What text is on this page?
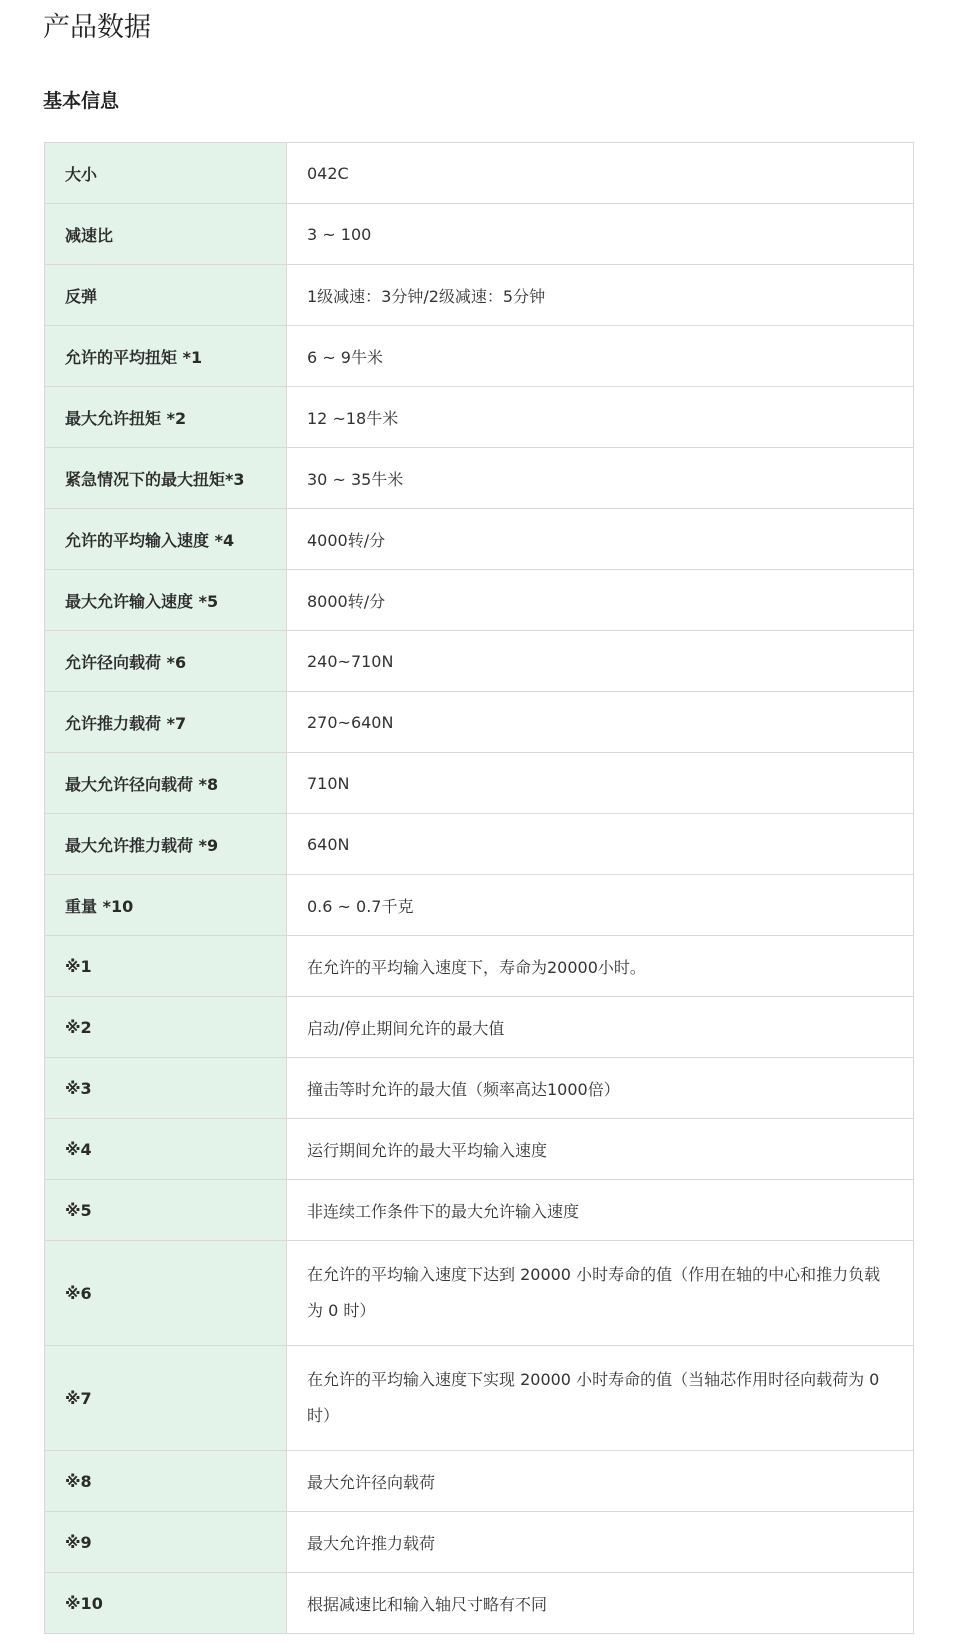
产品数据
基本信息
大小	042C
减速比	3 ~ 100
反弹	1级减速：3分钟/2级减速：5分钟
允许的平均扭矩 *1	6 ~ 9牛米
最大允许扭矩 *2	12 ~18牛米
紧急情况下的最大扭矩*3	30 ~ 35牛米
允许的平均输入速度 *4	4000转/分
最大允许输入速度 *5	8000转/分
允许径向载荷 *6	240~710N
允许推力载荷 *7	270~640N
最大允许径向载荷 *8	710N
最大允许推力载荷 *9	640N
重量 *10	0.6 ~ 0.7千克
※1	在允许的平均输入速度下，寿命为20000小时。
※2	启动/停止期间允许的最大值
※3	撞击等时允许的最大值（频率高达1000倍）
※4	运行期间允许的最大平均输入速度
※5	非连续工作条件下的最大允许输入速度
※6	在允许的平均输入速度下达到 20000 小时寿命的值（作用在轴的中心和推力负载为 0 时）
※7	在允许的平均输入速度下实现 20000 小时寿命的值（当轴芯作用时径向载荷为 0 时）
※8	最大允许径向载荷
※9	最大允许推力载荷
※10	根据减速比和输入轴尺寸略有不同
